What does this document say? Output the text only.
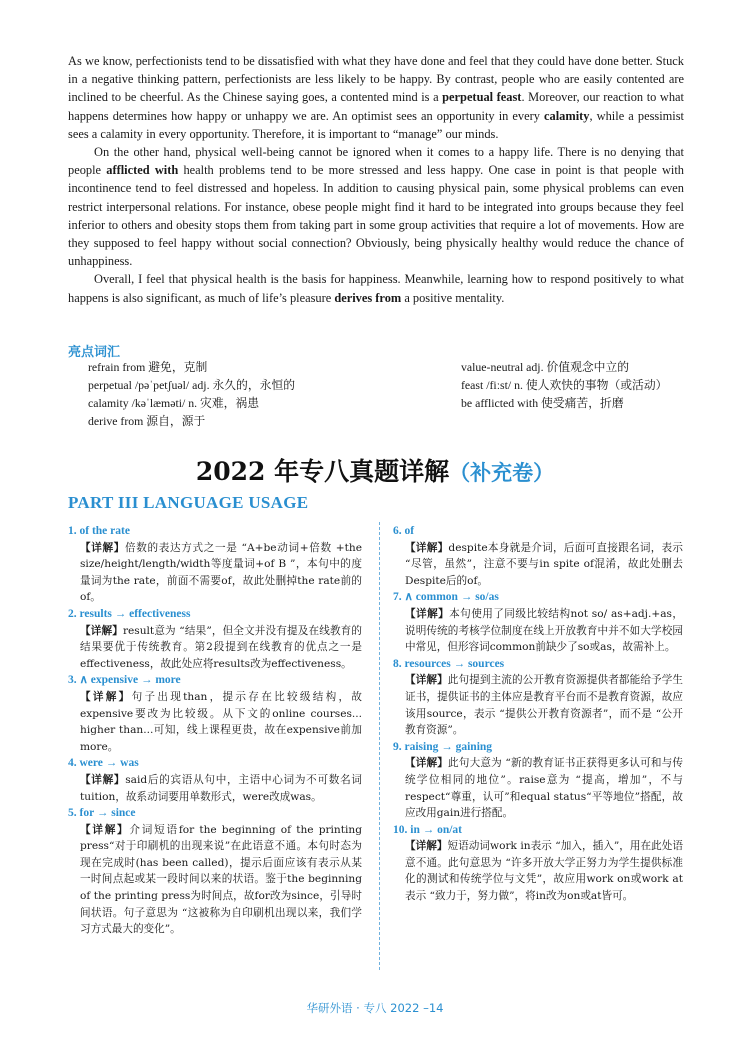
As we know, perfectionists tend to be dissatisfied with what they have done and feel that they could have done better. Stuck in a negative thinking pattern, perfectionists are less likely to be happy. By contrast, people who are easily contented are inclined to be cheerful. As the Chinese saying goes, a contented mind is a perpetual feast. Moreover, our reaction to what happens determines how happy or unhappy we are. An optimist sees an opportunity in every calamity, while a pessimist sees a calamity in every opportunity. Therefore, it is important to “manage” our minds.

On the other hand, physical well-being cannot be ignored when it comes to a happy life. There is no denying that people afflicted with health problems tend to be more stressed and less happy. One case in point is that people with incontinence tend to feel distressed and hopeless. In addition to causing physical pain, some physical problems can even restrict interpersonal relations. For instance, obese people might find it hard to be integrated into groups because they feel inferior to others and obesity stops them from taking part in some group activities that require a lot of movements. How are they supposed to feel happy without social connection? Obviously, being physically healthy would reduce the chance of unhappiness.

Overall, I feel that physical health is the basis for happiness. Meanwhile, learning how to respond positively to what happens is also significant, as much of life’s pleasure derives from a positive mentality.

亮点词汇
refrain from 避免，克制
perpetual /pəˈpetʃuəl/ adj. 永久的，永恒的
calamity /kəˈlæməti/ n. 灾难，祸患
derive from 源自，源于
value-neutral adj. 价值观念中立的
feast /fiːst/ n. 使人欢快的事物（或活动）
be afflicted with 使受痛苦，折磨
2022 年专八真题详解（补充卷）
PART III LANGUAGE USAGE
1. of the rate
【详解】倍数的表达方式之一是 “A+be动词+倍数 +the size/height/length/width等度量词+of B ”，本句中的度量词为the rate，前面不需要of，故此处删掉the rate前的of。
2. results → effectiveness
【详解】result意为 “结果”，但全文并没有提及在线教育的结果要优于传统教育。第2段提到在线教育的优点之一是effectiveness，故此处应将results改为effectiveness。
3. ∧ expensive → more
【详解】句子出现than，提示存在比较级结构，故expensive要改为比较级。从下文的online courses... higher than...可知，线上课程更贵，故在expensive前加more。
4. were → was
【详解】said后的宾语从句中，主语中心词为不可数名词tuition，故系动词要用单数形式，were改成was。
5. for → since
【详解】介词短语for the beginning of the printing press“对于印刷机的出现来说”在此语意不通。本句时态为现在完成时(has been called)，提示后面应该有表示从某一时间点起或某一段时间以来的状语。鉴于the beginning of the printing press为时间点，故for改为since，引导时间状语。句子意思为 “这被称为自印刷机出现以来，我们学习方式最大的变化”。
6. of
【详解】despite本身就是介词，后面可直接跟名词，表示 “尽管，虽然”，注意不要与in spite of混淆，故此处删去Despite后的of。
7. ∧ common → so/as
【详解】本句使用了同级比较结构not so/ as+adj.+as，说明传统的考核学位制度在线上开放教育中并不如大学校园中常见，但形容词common前缺少了so或as，故需补上。
8. resources → sources
【详解】此句提到主流的公开教育资源提供者都能给予学生证书，提供证书的主体应是教育平台而不是教育资源，故应该用source，表示 “提供公开教育资源者”，而不是 “公开教育资源”。
9. raising → gaining
【详解】此句大意为 “新的教育证书正获得更多认可和与传统学位相同的地位”。raise意为 “提高，增加”，不与respect“尊重，认可”和equal status“平等地位”搭配，故应改用gain进行搭配。
10. in → on/at
【详解】短语动词work in表示 “加入，插入”，用在此处语意不通。此句意思为 “许多开放大学正努力为学生提供标准化的测试和传统学位与文凭”，故应用work on或work at表示 “致力于，努力做”，将in改为on或at皆可。
华研外语 · 专八 2022 –14
